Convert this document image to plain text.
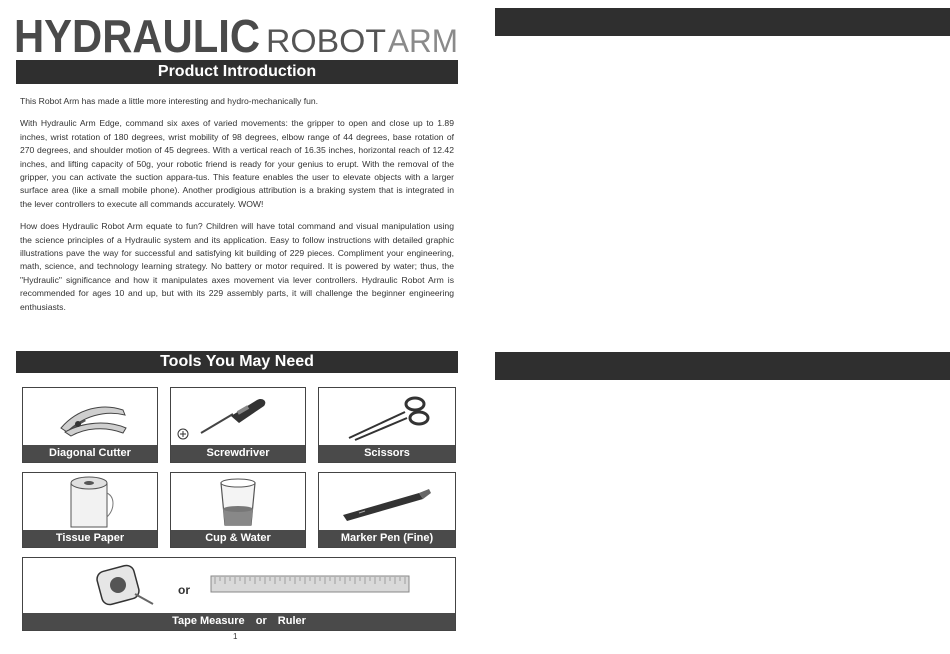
HYDRAULIC ROBOT ARM
Product Introduction

This Robot Arm has made a little more interesting and hydro-mechanically fun.

With Hydraulic Arm Edge, command six axes of varied movements: the gripper to open and close up to 1.89 inches, wrist rotation of 180 degrees, wrist mobility of 98 degrees, elbow range of 44 degrees, base rotation of 270 degrees, and shoulder motion of 45 degrees. With a vertical reach of 16.35 inches, horizontal reach of 12.42 inches, and lifting capacity of 50g, your robotic friend is ready for your genius to erupt. With the removal of the gripper, you can activate the suction appara-tus. This feature enables the user to elevate objects with a larger surface area (like a small mobile phone). Another prodigious attribution is a braking system that is integrated in the lever controllers to execute all commands accurately. WOW!

How does Hydraulic Robot Arm equate to fun? Children will have total command and visual manipulation using the science principles of a Hydraulic system and its application. Easy to follow instructions with detailed graphic illustrations pave the way for successful and satisfying kit building of 229 pieces. Compliment your engineering, math, science, and technology learning strategy. No battery or motor required. It is powered by water; thus, the "Hydraulic" significance and how it manipulates axes movement via lever controllers. Hydraulic Robot Arm is recommended for ages 10 and up, but with its 229 assembly parts, it will challenge the beginner engineering enthusiasts.

Tools You May Need
Diagonal Cutter	Screwdriver	Scissors
Tissue Paper	Cup & Water	Marker Pen (Fine)
or
Tape Measure or Ruler
1
